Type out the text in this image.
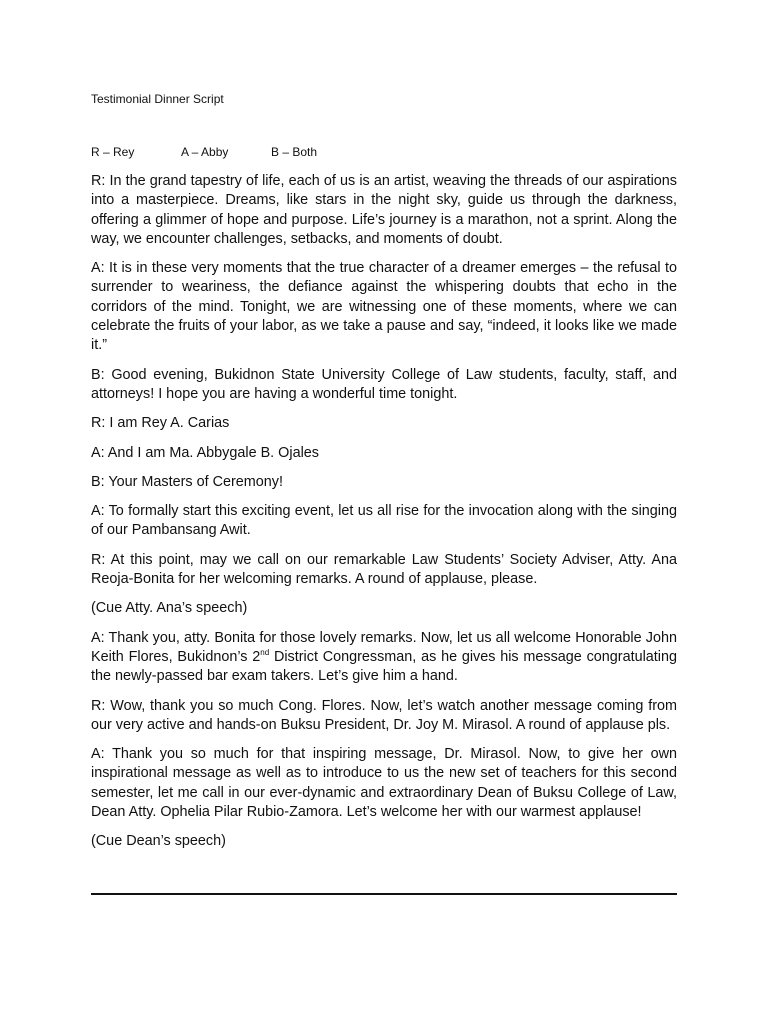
Testimonial Dinner Script
R – Rey	A – Abby	B – Both

R: In the grand tapestry of life, each of us is an artist, weaving the threads of our aspirations into a masterpiece. Dreams, like stars in the night sky, guide us through the darkness, offering a glimmer of hope and purpose. Life’s journey is a marathon, not a sprint. Along the way, we encounter challenges, setbacks, and moments of doubt.

A: It is in these very moments that the true character of a dreamer emerges – the refusal to surrender to weariness, the defiance against the whispering doubts that echo in the corridors of the mind. Tonight, we are witnessing one of these moments, where we can celebrate the fruits of your labor, as we take a pause and say, “indeed, it looks like we made it.”

B: Good evening, Bukidnon State University College of Law students, faculty, staff, and attorneys! I hope you are having a wonderful time tonight.

R: I am Rey A. Carias

A: And I am Ma. Abbygale B. Ojales

B: Your Masters of Ceremony!

A: To formally start this exciting event, let us all rise for the invocation along with the singing of our Pambansang Awit.

R: At this point, may we call on our remarkable Law Students’ Society Adviser, Atty. Ana Reoja-Bonita for her welcoming remarks. A round of applause, please.

(Cue Atty. Ana’s speech)

A: Thank you, atty. Bonita for those lovely remarks. Now, let us all welcome Honorable John Keith Flores, Bukidnon’s 2nd District Congressman, as he gives his message congratulating the newly-passed bar exam takers. Let’s give him a hand.

R: Wow, thank you so much Cong. Flores. Now, let’s watch another message coming from our very active and hands-on Buksu President, Dr. Joy M. Mirasol. A round of applause pls.

A: Thank you so much for that inspiring message, Dr. Mirasol. Now, to give her own inspirational message as well as to introduce to us the new set of teachers for this second semester, let me call in our ever-dynamic and extraordinary Dean of Buksu College of Law, Dean Atty. Ophelia Pilar Rubio-Zamora. Let’s welcome her with our warmest applause!

(Cue Dean’s speech)
